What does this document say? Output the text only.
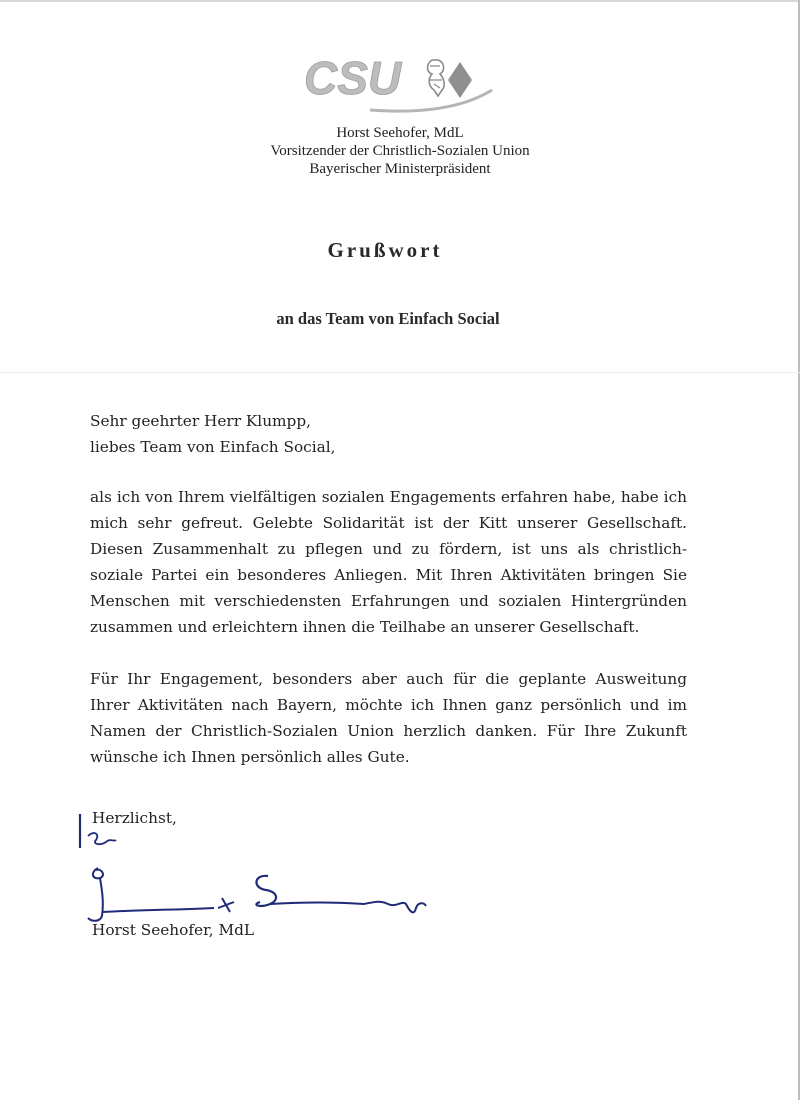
CSU
Horst Seehofer, MdL
Vorsitzender der Christlich-Sozialen Union
Bayerischer Ministerpräsident
Grußwort
an das Team von Einfach Social
Sehr geehrter Herr Klumpp,
liebes Team von Einfach Social,
als ich von Ihrem vielfältigen sozialen Engagements erfahren habe, habe ich mich sehr gefreut. Gelebte Solidarität ist der Kitt unserer Gesellschaft. Diesen Zusammenhalt zu pflegen und zu fördern, ist uns als christlich-soziale Partei ein besonderes Anliegen. Mit Ihren Aktivitäten bringen Sie Menschen mit verschiedensten Erfahrungen und sozialen Hintergründen zusammen und erleichtern ihnen die Teilhabe an unserer Gesellschaft.
Für Ihr Engagement, besonders aber auch für die geplante Ausweitung Ihrer Aktivitäten nach Bayern, möchte ich Ihnen ganz persönlich und im Namen der Christlich-Sozialen Union herzlich danken. Für Ihre Zukunft wünsche ich Ihnen persönlich alles Gute.
Herzlichst,
Horst Seehofer, MdL
